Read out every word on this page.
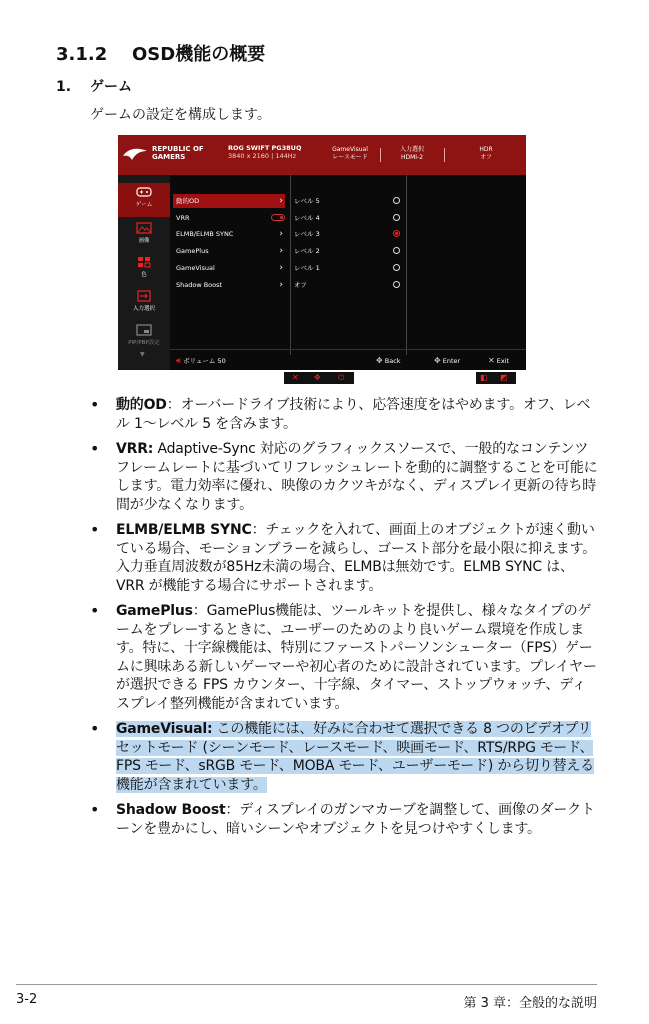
3.1.2 OSD機能の概要
1. ゲーム

ゲームの設定を構成します。

REPUBLIC OF
GAMERS
ROG SWIFT PG38UQ
3840 x 2160 | 144Hz
GameVisual
レースモード
入力選択
HDMI-2
HDR
オフ
ゲーム
画像
色
入力選択
PIP/PBP設定
▼
動的OD	›
VRR
ELMB/ELMB SYNC	›
GamePlus	›
GameVisual	›
Shadow Boost	›
レベル 5
レベル 4
レベル 3
レベル 2
レベル 1
オフ
🔊︎ ボリューム 50	✥ Back	✥ Enter	✕ Exit
✕ ✥ ⏻	◧ ◩
• 動的OD：オーバードライブ技術により、応答速度をはやめます。オフ、レベル 1～レベル 5 を含みます。
• VRR: Adaptive-Sync 対応のグラフィックスソースで、一般的なコンテンツフレームレートに基づいてリフレッシュレートを動的に調整することを可能にします。電力効率に優れ、映像のカクツキがなく、ディスプレイ更新の待ち時間が少なくなります。
• ELMB/ELMB SYNC：チェックを入れて、画面上のオブジェクトが速く動いている場合、モーションブラーを減らし、ゴースト部分を最小限に抑えます。入力垂直周波数が85Hz未満の場合、ELMBは無効です。ELMB SYNC は、VRR が機能する場合にサポートされます。
• GamePlus：GamePlus機能は、ツールキットを提供し、様々なタイプのゲームをプレーするときに、ユーザーのためのより良いゲーム環境を作成します。特に、十字線機能は、特別にファーストパーソンシューター（FPS）ゲームに興味ある新しいゲーマーや初心者のために設計されています。プレイヤーが選択できる FPS カウンター、十字線、タイマー、ストップウォッチ、ディスプレイ整列機能が含まれています。
• GameVisual: この機能には、好みに合わせて選択できる 8 つのビデオプリセットモード (シーンモード、レースモード、映画モード、RTS/RPG モード、FPS モード、sRGB モード、MOBA モード、ユーザーモード) から切り替える機能が含まれています。
• Shadow Boost：ディスプレイのガンマカーブを調整して、画像のダークトーンを豊かにし、暗いシーンやオブジェクトを見つけやすくします。
3-2	第 3 章：全般的な説明
